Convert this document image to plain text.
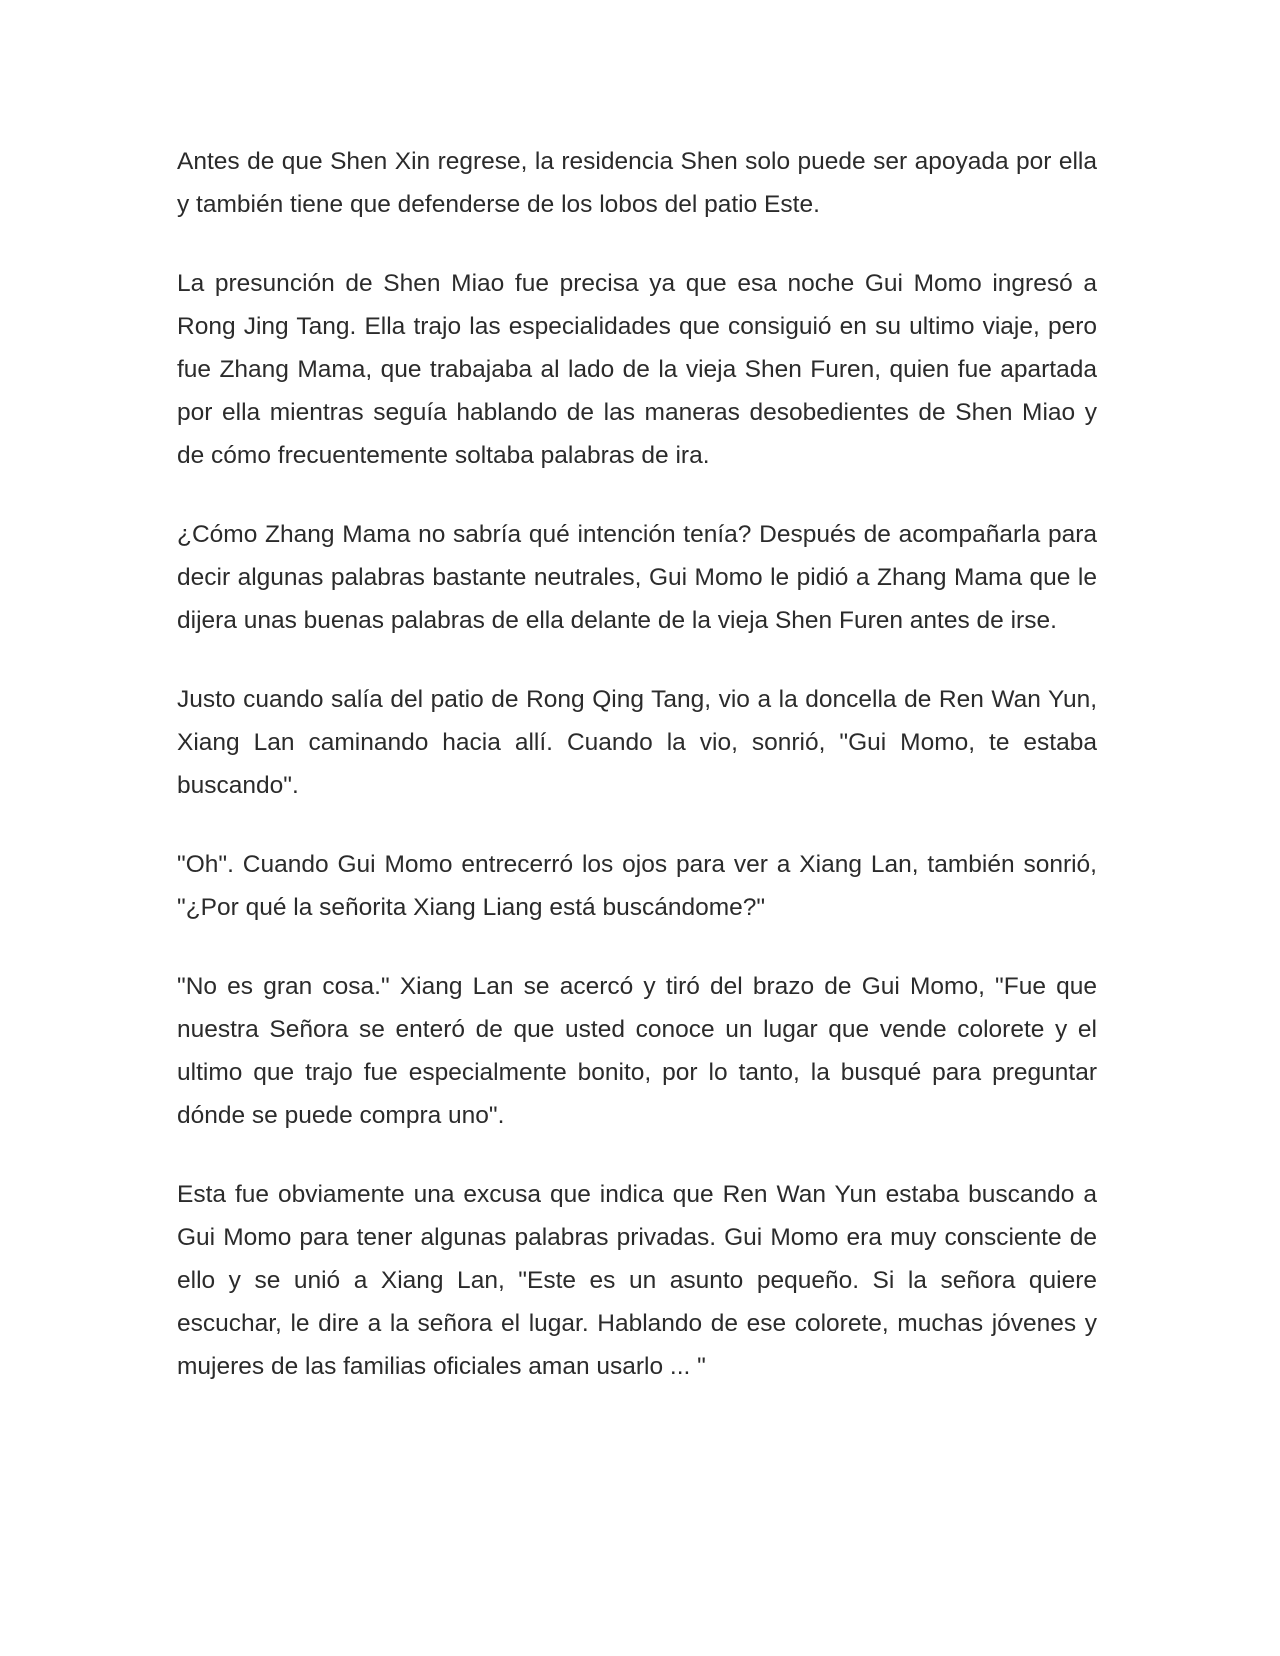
Antes de que Shen Xin regrese, la residencia Shen solo puede ser apoyada por ella y también tiene que defenderse de los lobos del patio Este.

La presunción de Shen Miao fue precisa ya que esa noche Gui Momo ingresó a Rong Jing Tang. Ella trajo las especialidades que consiguió en su ultimo viaje, pero fue Zhang Mama, que trabajaba al lado de la vieja Shen Furen, quien fue apartada por ella mientras seguía hablando de las maneras desobedientes de Shen Miao y de cómo frecuentemente soltaba palabras de ira.

¿Cómo Zhang Mama no sabría qué intención tenía? Después de acompañarla para decir algunas palabras bastante neutrales, Gui Momo le pidió a Zhang Mama que le dijera unas buenas palabras de ella delante de la vieja Shen Furen antes de irse.

Justo cuando salía del patio de Rong Qing Tang, vio a la doncella de Ren Wan Yun, Xiang Lan caminando hacia allí. Cuando la vio, sonrió, "Gui Momo, te estaba buscando".

"Oh". Cuando Gui Momo entrecerró los ojos para ver a Xiang Lan, también sonrió, "¿Por qué la señorita Xiang Liang está buscándome?"

"No es gran cosa." Xiang Lan se acercó y tiró del brazo de Gui Momo, "Fue que nuestra Señora se enteró de que usted conoce un lugar que vende colorete y el ultimo que trajo fue especialmente bonito, por lo tanto, la busqué para preguntar dónde se puede compra uno".

Esta fue obviamente una excusa que indica que Ren Wan Yun estaba buscando a Gui Momo para tener algunas palabras privadas. Gui Momo era muy consciente de ello y se unió a Xiang Lan, "Este es un asunto pequeño. Si la señora quiere escuchar, le dire a la señora el lugar. Hablando de ese colorete, muchas jóvenes y mujeres de las familias oficiales aman usarlo ... "
